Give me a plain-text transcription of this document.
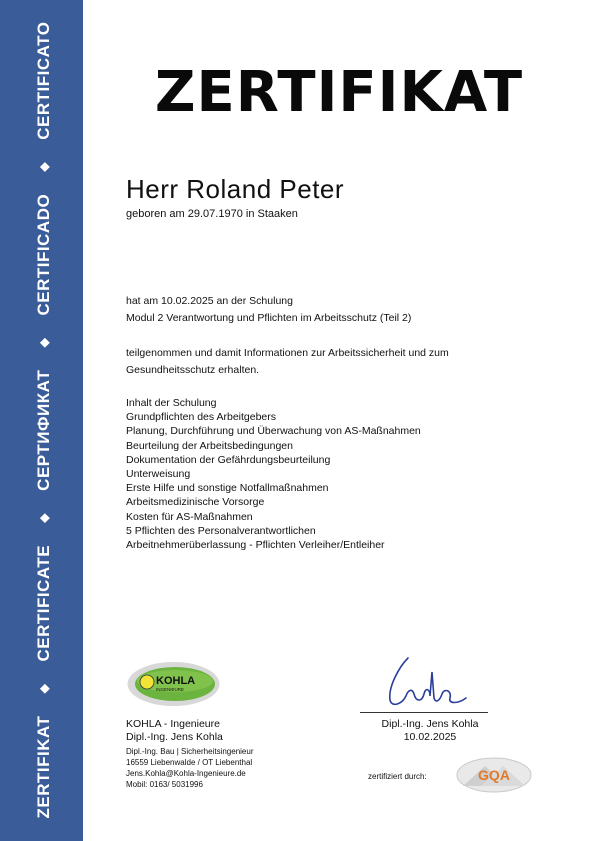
ZERTIFIKAT
◆
CERTIFICATE
◆
СЕРТИФИКАТ
◆
CERTIFICADO
◆
CERTIFICATO	ZERTIFIKAT
Herr Roland Peter
geboren am 29.07.1970 in Staaken
hat am 10.02.2025 an der Schulung
Modul 2 Verantwortung und Pflichten im Arbeitsschutz (Teil 2)
teilgenommen und damit Informationen zur Arbeitssicherheit und zum
Gesundheitsschutz erhalten.
Inhalt der Schulung
Grundpflichten des Arbeitgebers
Planung, Durchführung und Überwachung von AS-Maßnahmen
Beurteilung der Arbeitsbedingungen
Dokumentation der Gefährdungsbeurteilung
Unterweisung
Erste Hilfe und sonstige Notfallmaßnahmen
Arbeitsmedizinische Vorsorge
Kosten für AS-Maßnahmen
5 Pflichten des Personalverantwortlichen
Arbeitnehmerüberlassung - Pflichten Verleiher/Entleiher
KOHLA
INGENIEURE
KOHLA - Ingenieure
Dipl.-Ing. Jens Kohla
Dipl.-Ing. Bau | Sicherheitsingenieur
16559 Liebenwalde / OT Liebenthal
Jens.Kohla@Kohla-Ingenieure.de
Mobil: 0163/ 5031996
Dipl.-Ing. Jens Kohla
10.02.2025
zertifiziert durch:	GQA
